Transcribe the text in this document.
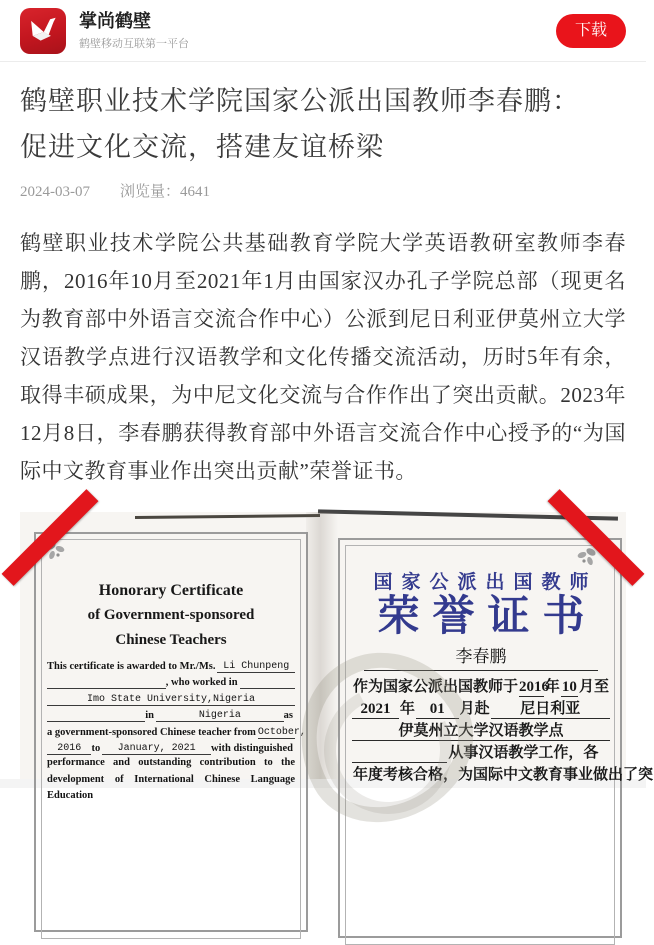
掌尚鹤壁
鹤壁移动互联第一平台
下载
鹤壁职业技术学院国家公派出国教师李春鹏：
促进文化交流，搭建友谊桥梁
2024-03-07 浏览量：4641

鹤壁职业技术学院公共基础教育学院大学英语教研室教师李春鹏，2016年10月至2021年1月由国家汉办孔子学院总部（现更名为教育部中外语言交流合作中心）公派到尼日利亚伊莫州立大学汉语教学点进行汉语教学和文化传播交流活动，历时5年有余，取得丰硕成果，为中尼文化交流与合作作出了突出贡献。2023年12月8日，李春鹏获得教育部中外语言交流合作中心授予的“为国际中文教育事业作出突出贡献”荣誉证书。

Honorary Certificate
of Government-sponsored
Chinese Teachers
This certificate is awarded to Mr./Ms. Li Chunpeng
, who worked in
Imo State University,Nigeria
in	Nigeria	as
a government-sponsored Chinese teacher from October,
2016 to	January, 2021	with distinguished
performance and outstanding contribution to the
development of International Chinese Language Education
国家公派出国教师
荣誉证书
李春鹏
作为国家公派出国教师于 2016
年 10 月至
2021 年 01 月赴	尼日利亚
伊莫州立大学汉语教学点
从事汉语教学工作，各
年度考核合格，为国际中文教育事业做出了突
